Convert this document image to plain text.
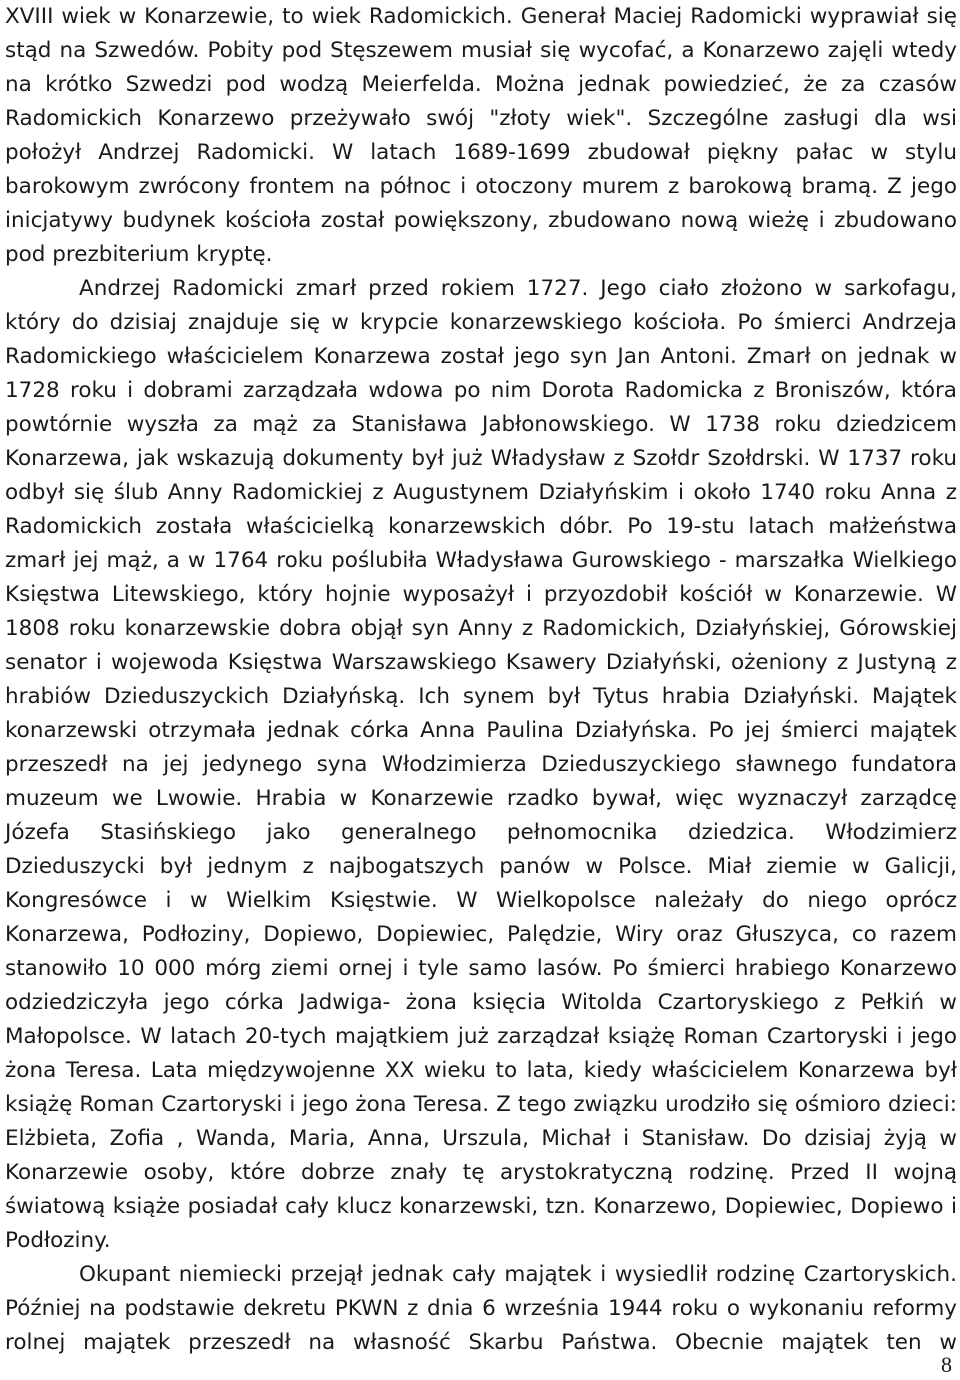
XVIII wiek w Konarzewie, to wiek Radomickich. Generał Maciej Radomicki wyprawiał się stąd na Szwedów. Pobity pod Stęszewem musiał się wycofać, a Konarzewo zajęli wtedy na krótko Szwedzi pod wodzą Meierfelda. Można jednak powiedzieć, że za czasów Radomickich Konarzewo przeżywało swój "złoty wiek". Szczególne zasługi dla wsi położył Andrzej Radomicki. W latach 1689-1699 zbudował piękny pałac w stylu barokowym zwrócony frontem na północ i otoczony murem z barokową bramą. Z jego inicjatywy budynek kościoła został powiększony, zbudowano nową wieżę i zbudowano pod prezbiterium kryptę.

Andrzej Radomicki zmarł przed rokiem 1727. Jego ciało złożono w sarkofagu, który do dzisiaj znajduje się w krypcie konarzewskiego kościoła. Po śmierci Andrzeja Radomickiego właścicielem Konarzewa został jego syn Jan Antoni. Zmarł on jednak w 1728 roku i dobrami zarządzała wdowa po nim Dorota Radomicka z Broniszów, która powtórnie wyszła za mąż za Stanisława Jabłonowskiego. W 1738 roku dziedzicem Konarzewa, jak wskazują dokumenty był już Władysław z Szołdr Szołdrski. W 1737 roku odbył się ślub Anny Radomickiej z Augustynem Działyńskim i około 1740 roku Anna z Radomickich została właścicielką konarzewskich dóbr. Po 19-stu latach małżeństwa zmarł jej mąż, a w 1764 roku poślubiła Władysława Gurowskiego - marszałka Wielkiego Księstwa Litewskiego, który hojnie wyposażył i przyozdobił kościół w Konarzewie. W 1808 roku konarzewskie dobra objął syn Anny z Radomickich, Działyńskiej, Górowskiej senator i wojewoda Księstwa Warszawskiego Ksawery Działyński, ożeniony z Justyną z hrabiów Dzieduszyckich Działyńską. Ich synem był Tytus hrabia Działyński. Majątek konarzewski otrzymała jednak córka Anna Paulina Działyńska. Po jej śmierci majątek przeszedł na jej jedynego syna Włodzimierza Dzieduszyckiego sławnego fundatora muzeum we Lwowie. Hrabia w Konarzewie rzadko bywał, więc wyznaczył zarządcę Józefa Stasińskiego jako generalnego pełnomocnika dziedzica. Włodzimierz Dzieduszycki był jednym z najbogatszych panów w Polsce. Miał ziemie w Galicji, Kongresówce i w Wielkim Księstwie. W Wielkopolsce należały do niego oprócz Konarzewa, Podłoziny, Dopiewo, Dopiewiec, Palędzie, Wiry oraz Głuszyca, co razem stanowiło 10 000 mórg ziemi ornej i tyle samo lasów. Po śmierci hrabiego Konarzewo odziedziczyła jego córka Jadwiga- żona księcia Witolda Czartoryskiego z Pełkiń w Małopolsce. W latach 20-tych majątkiem już zarządzał książę Roman Czartoryski i jego żona Teresa. Lata międzywojenne XX wieku to lata, kiedy właścicielem Konarzewa był książę Roman Czartoryski i jego żona Teresa. Z tego związku urodziło się ośmioro dzieci: Elżbieta, Zofia , Wanda, Maria, Anna, Urszula, Michał i Stanisław. Do dzisiaj żyją w Konarzewie osoby, które dobrze znały tę arystokratyczną rodzinę. Przed II wojną światową książe posiadał cały klucz konarzewski, tzn. Konarzewo, Dopiewiec, Dopiewo i Podłoziny.

Okupant niemiecki przejął jednak cały majątek i wysiedlił rodzinę Czartoryskich. Później na podstawie dekretu PKWN z dnia 6 września 1944 roku o wykonaniu reformy rolnej majątek przeszedł na własność Skarbu Państwa. Obecnie majątek ten w

8
